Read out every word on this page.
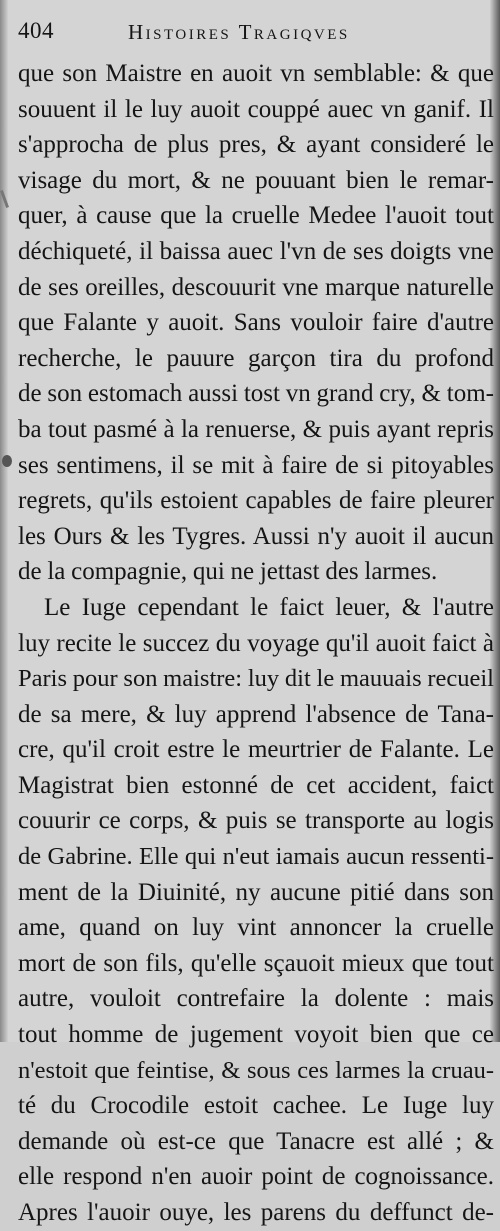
404	Histoires Tragiqves
que son Maistre en auoit vn semblable: & que
souuent il le luy auoit couppé auec vn ganif. Il
s'approcha de plus pres, & ayant consideré le
visage du mort, & ne pouuant bien le remar-
quer, à cause que la cruelle Medee l'auoit tout
déchiqueté, il baissa auec l'vn de ses doigts vne
de ses oreilles, descouurit vne marque naturelle
que Falante y auoit. Sans vouloir faire d'autre
recherche, le pauure garçon tira du profond
de son estomach aussi tost vn grand cry, & tom-
ba tout pasmé à la renuerse, & puis ayant repris
ses sentimens, il se mit à faire de si pitoyables
regrets, qu'ils estoient capables de faire pleurer
les Ours & les Tygres. Aussi n'y auoit il aucun
de la compagnie, qui ne jettast des larmes.
Le Iuge cependant le faict leuer, & l'autre
luy recite le succez du voyage qu'il auoit faict à
Paris pour son maistre: luy dit le mauuais recueil
de sa mere, & luy apprend l'absence de Tana-
cre, qu'il croit estre le meurtrier de Falante. Le
Magistrat bien estonné de cet accident, faict
couurir ce corps, & puis se transporte au logis
de Gabrine. Elle qui n'eut iamais aucun ressenti-
ment de la Diuinité, ny aucune pitié dans son
ame, quand on luy vint annoncer la cruelle
mort de son fils, qu'elle sçauoit mieux que tout
autre, vouloit contrefaire la dolente : mais
tout homme de jugement voyoit bien que ce
n'estoit que feintise, & sous ces larmes la cruau-
té du Crocodile estoit cachee. Le Iuge luy
demande où est-ce que Tanacre est allé ; &
elle respond n'en auoir point de cognoissance.
Apres l'auoir ouye, les parens du deffunct de-
